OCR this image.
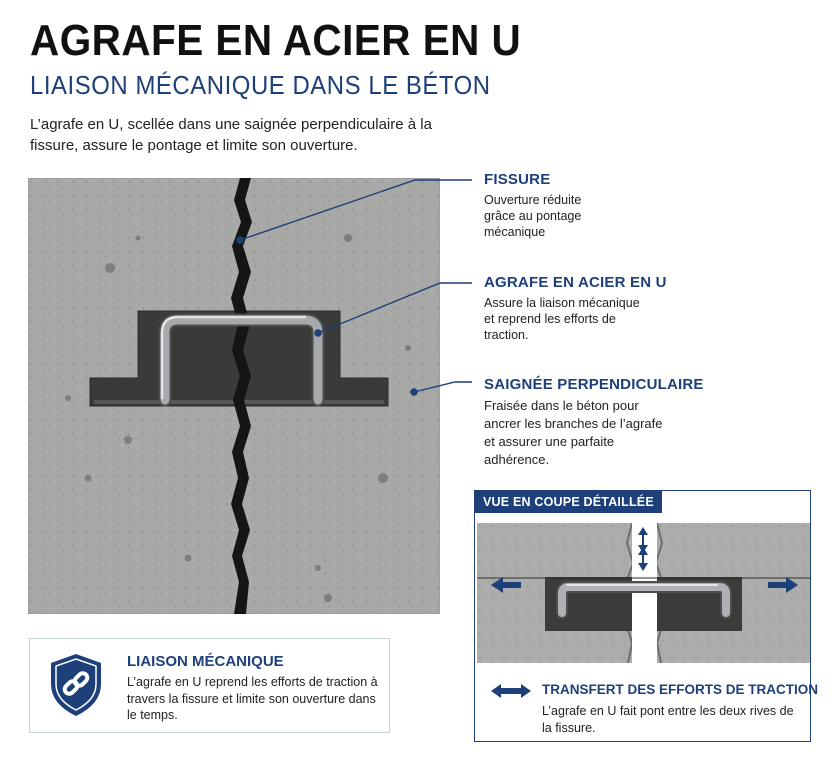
AGRAFE EN ACIER EN U
LIAISON MÉCANIQUE DANS LE BÉTON
L’agrafe en U, scellée dans une saignée perpendiculaire à la fissure, assure le pontage et limite son ouverture.
FISSURE
Ouverture réduite grâce au pontage mécanique
AGRAFE EN ACIER EN U
Assure la liaison mécanique et reprend les efforts de traction.
SAIGNÉE PERPENDICULAIRE
Fraisée dans le béton pour ancrer les branches de l’agrafe et assurer une parfaite adhérence.
LIAISON MÉCANIQUE
L’agrafe en U reprend les efforts de traction à travers la fissure et limite son ouverture dans le temps.
VUE EN COUPE DÉTAILLÉE
TRANSFERT DES EFFORTS DE TRACTION
L’agrafe en U fait pont entre les deux rives de la fissure.
